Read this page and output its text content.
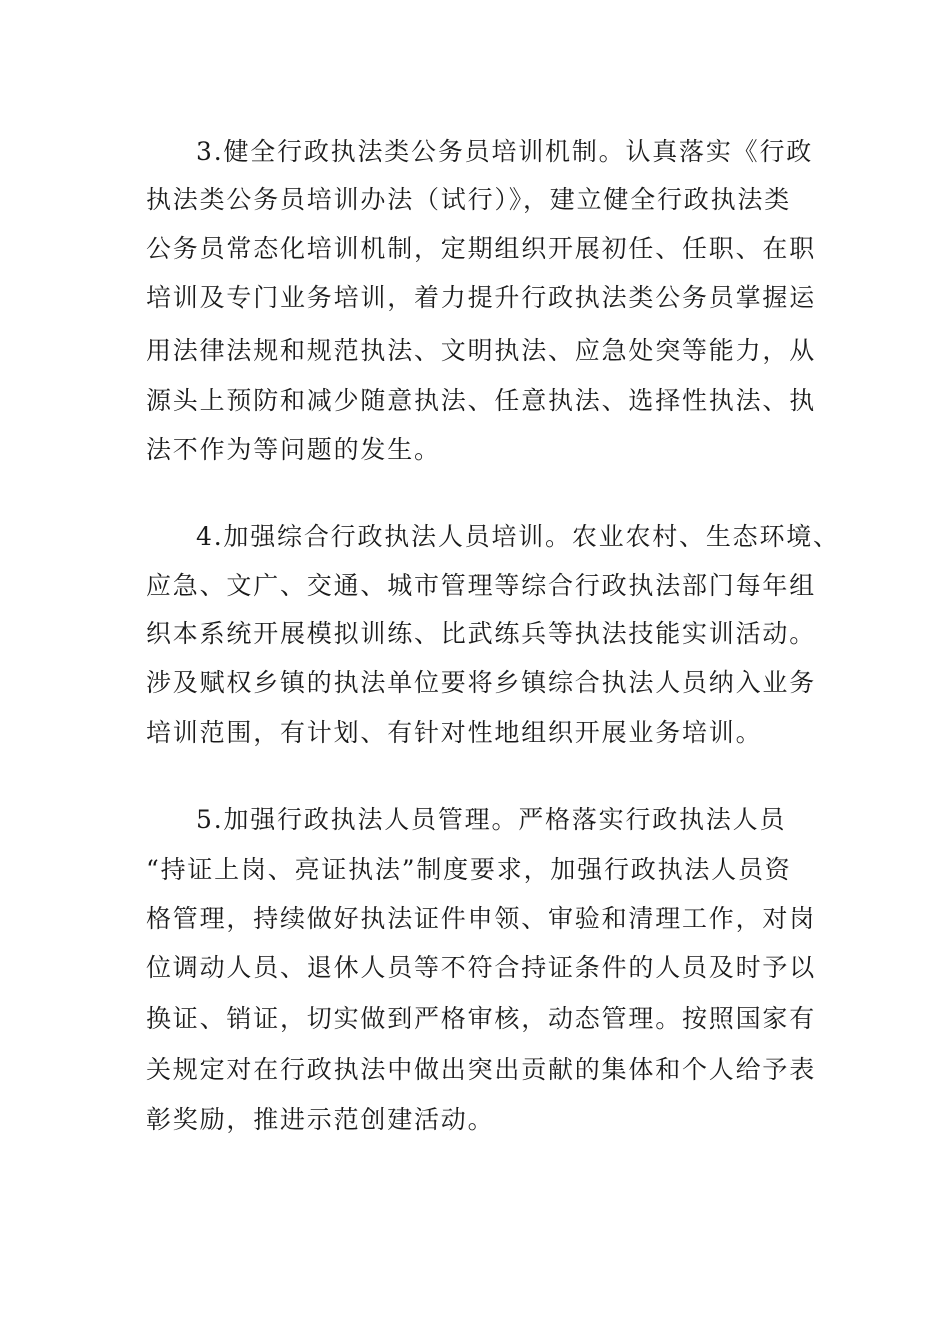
3.健全行政执法类公务员培训机制。认真落实《行政
执法类公务员培训办法（试行）》，建立健全行政执法类
公务员常态化培训机制，定期组织开展初任、任职、在职
培训及专门业务培训，着力提升行政执法类公务员掌握运
用法律法规和规范执法、文明执法、应急处突等能力，从
源头上预防和减少随意执法、任意执法、选择性执法、执
法不作为等问题的发生。
4.加强综合行政执法人员培训。农业农村、生态环境、
应急、文广、交通、城市管理等综合行政执法部门每年组
织本系统开展模拟训练、比武练兵等执法技能实训活动。
涉及赋权乡镇的执法单位要将乡镇综合执法人员纳入业务
培训范围，有计划、有针对性地组织开展业务培训。
5.加强行政执法人员管理。严格落实行政执法人员
“持证上岗、亮证执法”制度要求，加强行政执法人员资
格管理，持续做好执法证件申领、审验和清理工作，对岗
位调动人员、退休人员等不符合持证条件的人员及时予以
换证、销证，切实做到严格审核，动态管理。按照国家有
关规定对在行政执法中做出突出贡献的集体和个人给予表
彰奖励，推进示范创建活动。
